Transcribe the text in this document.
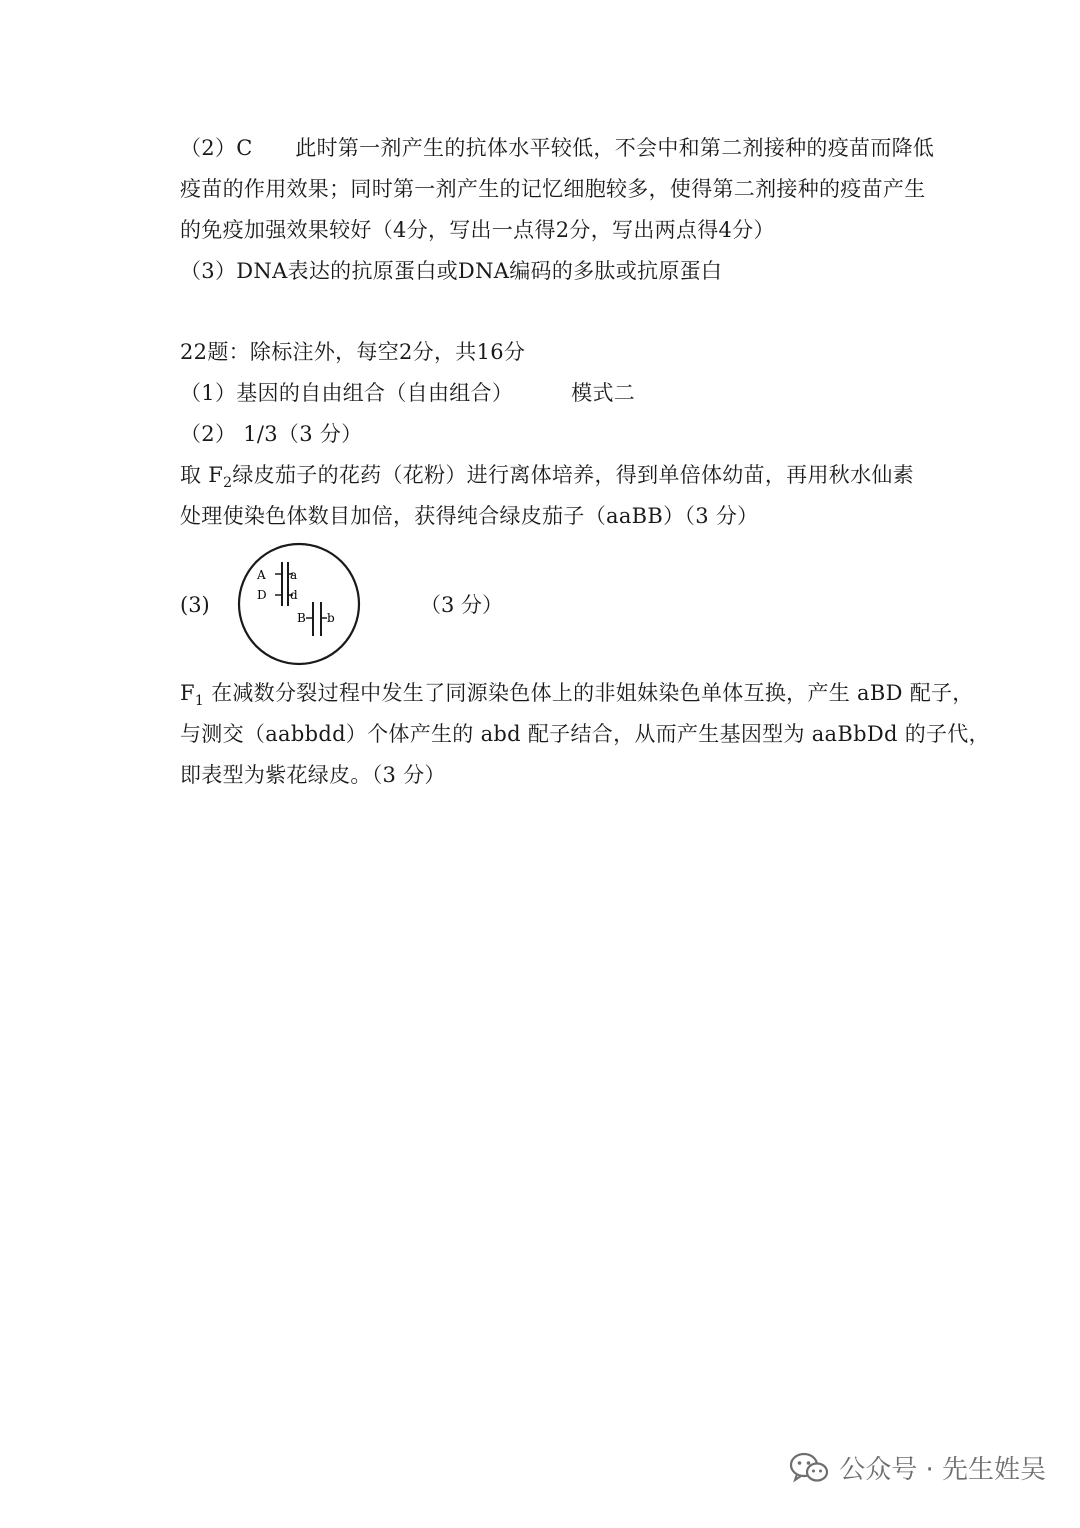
（2）C　　此时第一剂产生的抗体水平较低，不会中和第二剂接种的疫苗而降低
疫苗的作用效果；同时第一剂产生的记忆细胞较多，使得第二剂接种的疫苗产生
的免疫加强效果较好（4分，写出一点得2分，写出两点得4分）
（3）DNA表达的抗原蛋白或DNA编码的多肽或抗原蛋白
22题：除标注外，每空2分，共16分
（1）基因的自由组合（自由组合）	模式二
（2） 1/3（3 分）
取 $F_2$绿皮茄子的花药（花粉）进行离体培养，得到单倍体幼苗，再用秋水仙素
处理使染色体数目加倍，获得纯合绿皮茄子（aaBB）（3 分）
(3)
A a
D d
B b
（3 分）
$F_1$ 在减数分裂过程中发生了同源染色体上的非姐妹染色单体互换，产生 aBD 配子，
与测交（aabbdd）个体产生的 abd 配子结合，从而产生基因型为 aaBbDd 的子代，
即表型为紫花绿皮。（3 分）
公众号 · 先生姓吴
